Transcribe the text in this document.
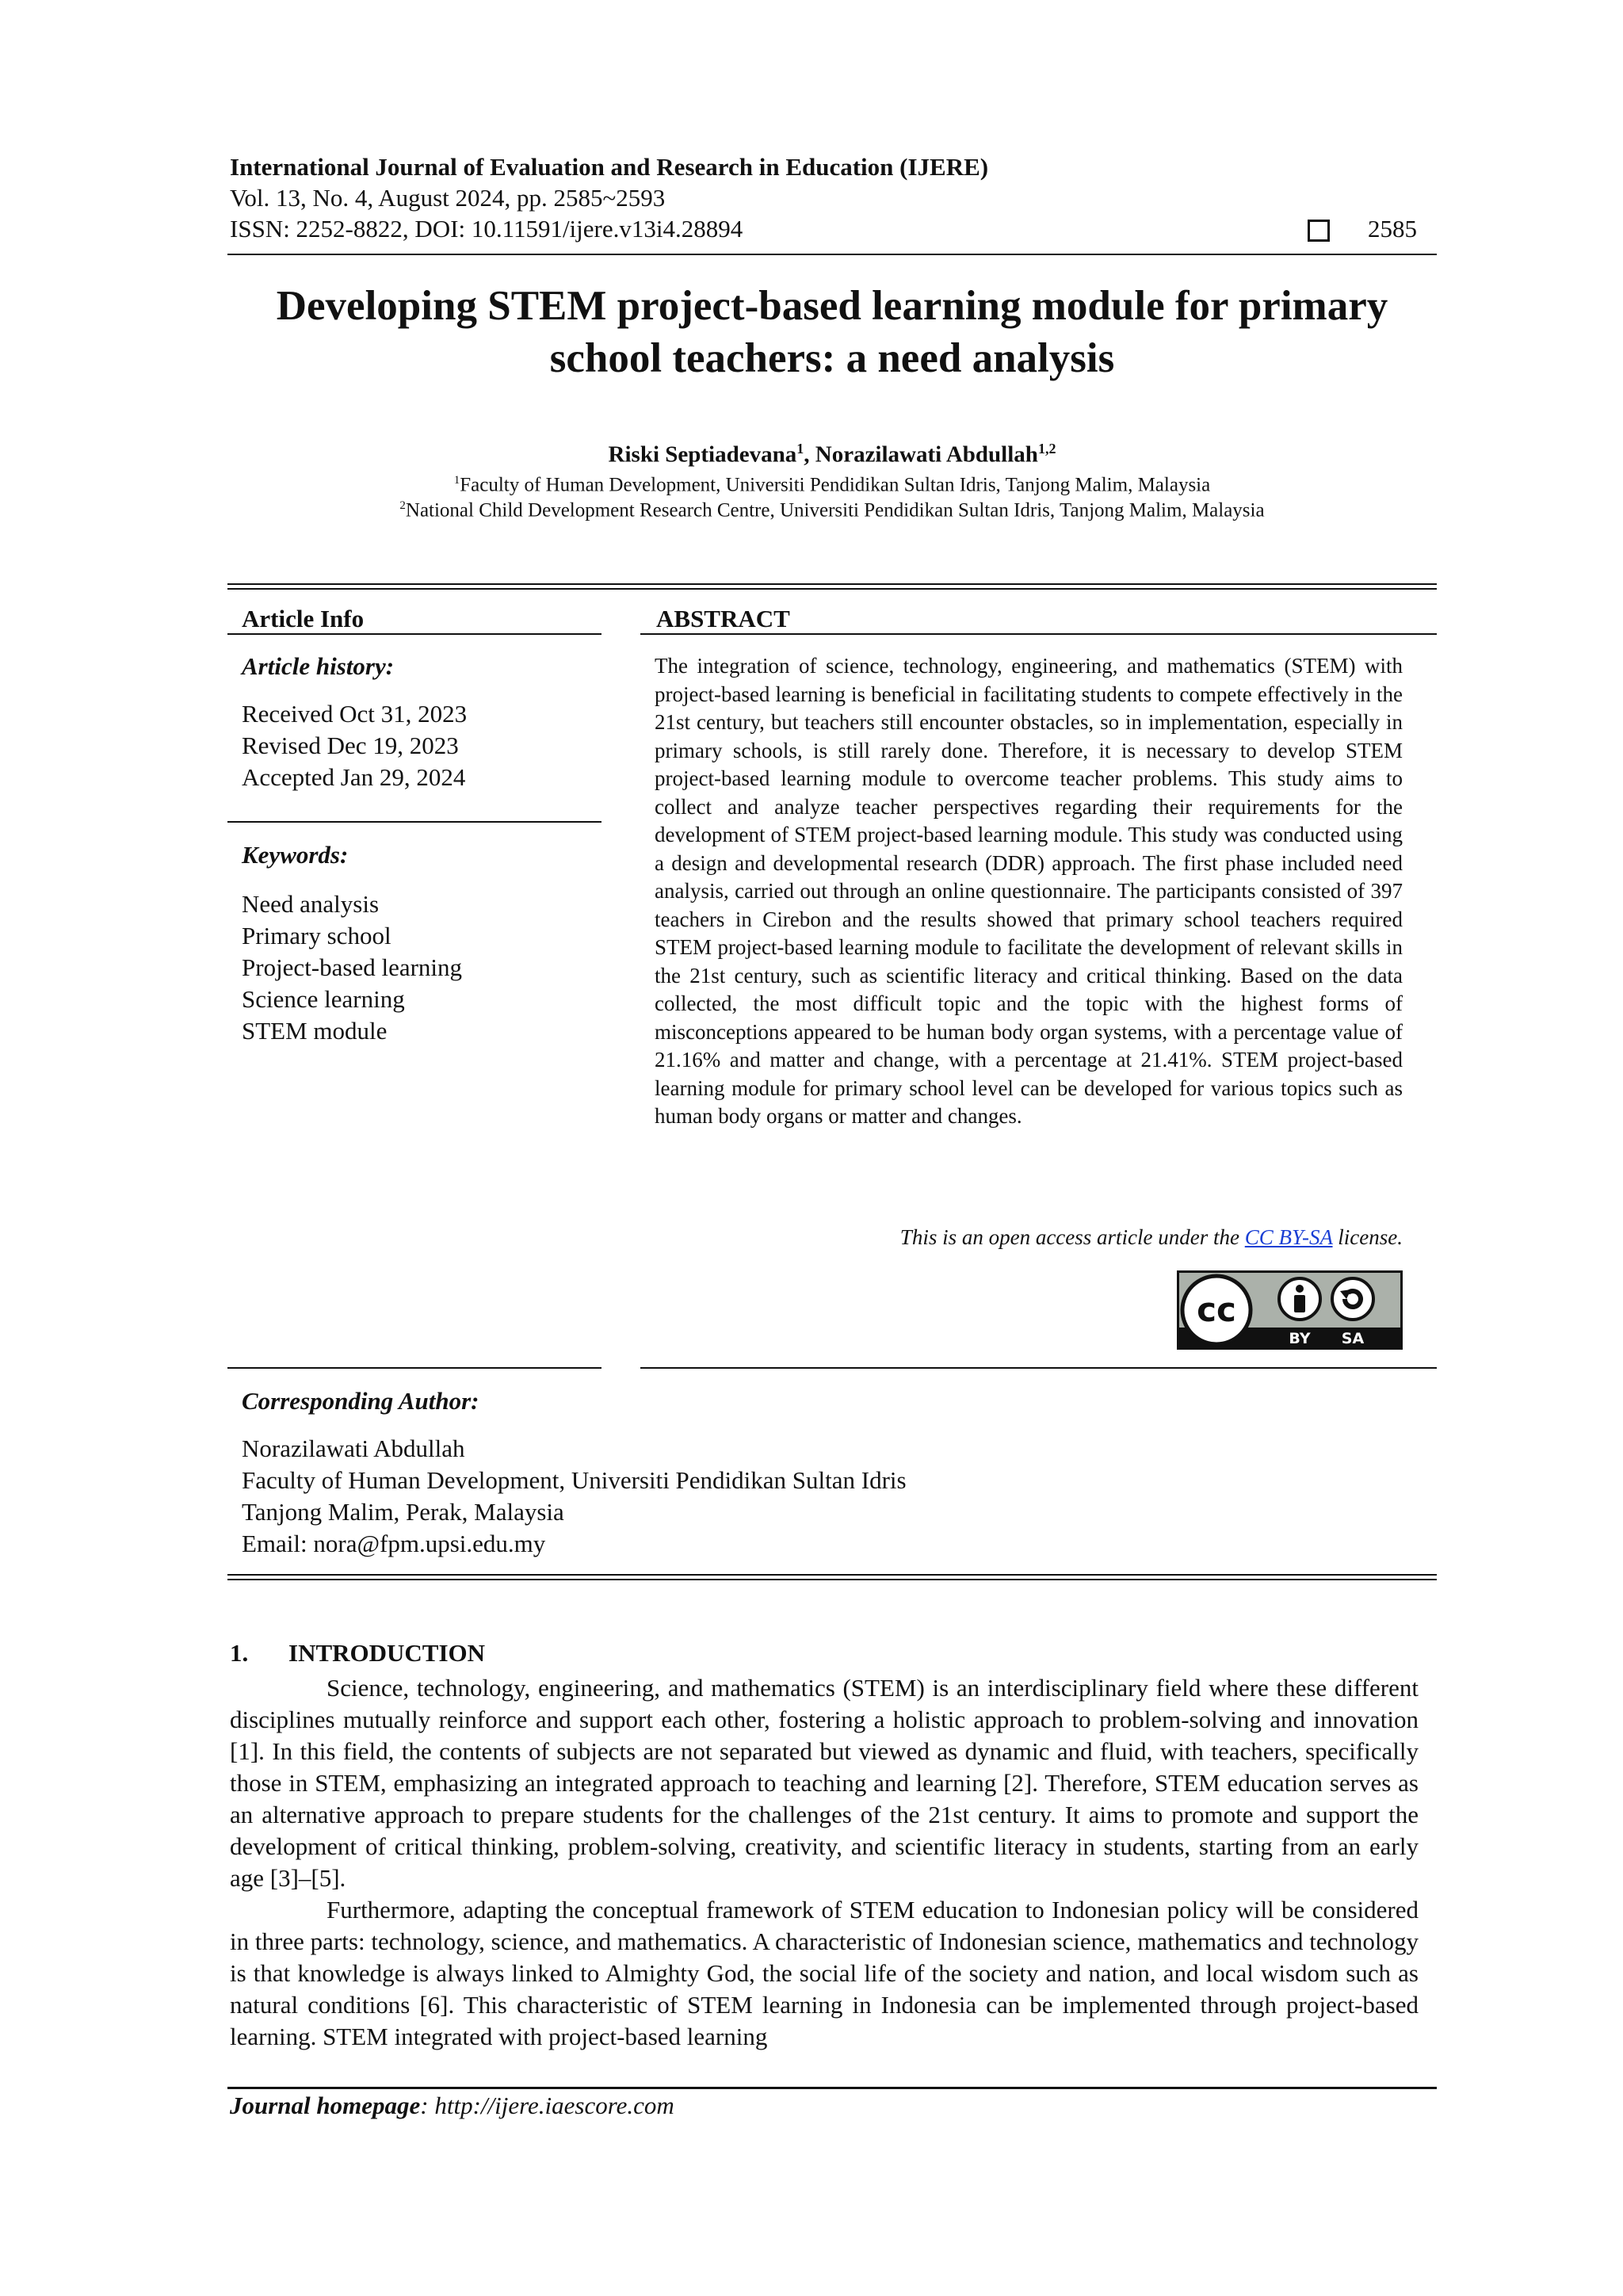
International Journal of Evaluation and Research in Education (IJERE)
Vol. 13, No. 4, August 2024, pp. 2585~2593
ISSN: 2252-8822, DOI: 10.11591/ijere.v13i4.28894	2585
Developing STEM project-based learning module for primary school teachers: a need analysis
Riski Septiadevana$^1$, Norazilawati Abdullah$^{1,2}$
$^1$Faculty of Human Development, Universiti Pendidikan Sultan Idris, Tanjong Malim, Malaysia
$^2$National Child Development Research Centre, Universiti Pendidikan Sultan Idris, Tanjong Malim, Malaysia
Article Info
Article history:
Received Oct 31, 2023
Revised Dec 19, 2023
Accepted Jan 29, 2024
Keywords:
Need analysis
Primary school
Project-based learning
Science learning
STEM module
ABSTRACT
The integration of science, technology, engineering, and mathematics (STEM) with project-based learning is beneficial in facilitating students to compete effectively in the 21st century, but teachers still encounter obstacles, so in implementation, especially in primary schools, is still rarely done. Therefore, it is necessary to develop STEM project-based learning module to overcome teacher problems. This study aims to collect and analyze teacher perspectives regarding their requirements for the development of STEM project-based learning module. This study was conducted using a design and developmental research (DDR) approach. The first phase included need analysis, carried out through an online questionnaire. The participants consisted of 397 teachers in Cirebon and the results showed that primary school teachers required STEM project-based learning module to facilitate the development of relevant skills in the 21st century, such as scientific literacy and critical thinking. Based on the data collected, the most difficult topic and the topic with the highest forms of misconceptions appeared to be human body organ systems, with a percentage value of 21.16% and matter and change, with a percentage at 21.41%. STEM project-based learning module for primary school level can be developed for various topics such as human body organs or matter and changes.
This is an open access article under the CC BY-SA license.
cc
BY SA
Corresponding Author:
Norazilawati Abdullah
Faculty of Human Development, Universiti Pendidikan Sultan Idris
Tanjong Malim, Perak, Malaysia
Email: nora@fpm.upsi.edu.my
1. INTRODUCTION
Science, technology, engineering, and mathematics (STEM) is an interdisciplinary field where these different disciplines mutually reinforce and support each other, fostering a holistic approach to problem-solving and innovation [1]. In this field, the contents of subjects are not separated but viewed as dynamic and fluid, with teachers, specifically those in STEM, emphasizing an integrated approach to teaching and learning [2]. Therefore, STEM education serves as an alternative approach to prepare students for the challenges of the 21st century. It aims to promote and support the development of critical thinking, problem-solving, creativity, and scientific literacy in students, starting from an early age [3]–[5].
Furthermore, adapting the conceptual framework of STEM education to Indonesian policy will be considered in three parts: technology, science, and mathematics. A characteristic of Indonesian science, mathematics and technology is that knowledge is always linked to Almighty God, the social life of the society and nation, and local wisdom such as natural conditions [6]. This characteristic of STEM learning in Indonesia can be implemented through project-based learning. STEM integrated with project-based learning
Journal homepage: http://ijere.iaescore.com
